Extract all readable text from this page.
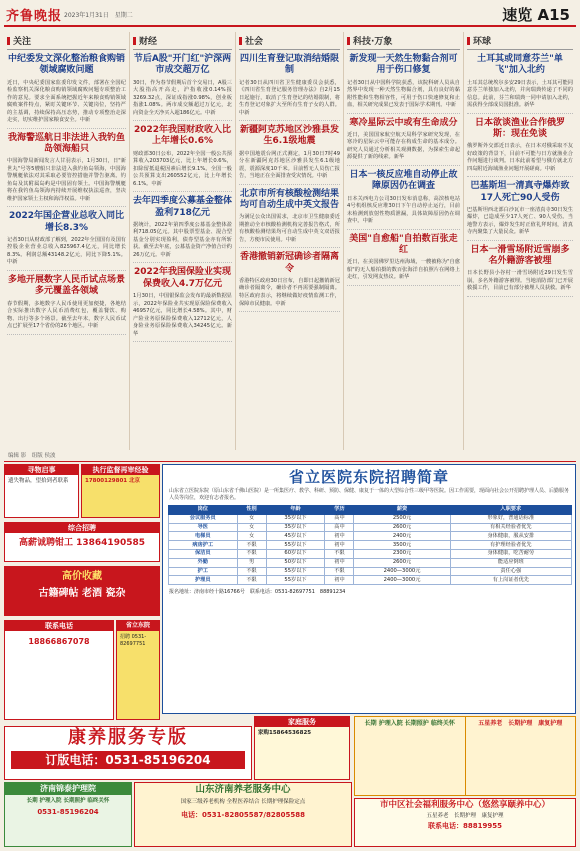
齐鲁晚报 2023年1月31日　星期二	速览 A15
关注
中纪委发文深化整治粮食购销领域腐败问题
近日，中央纪委国家监委印发文件，部署在全国纪检监察机关深化粮食购销领域腐败问题专项整治工作的意见。要求全面系统把握近年来粮食购销领域腐败案件特点，紧盯关键环节、关键岗位，坚持严的主基调，持续保持高压态势，推动专项整治走深走实，切实维护国家粮食安全。中新
我海警巡航日非法进入我钓鱼岛领海船只
中国海警局新闻发言人甘羽表示，1月30日，日"新世丸"号等5艘船只非法进入我钓鱼岛领海，中国海警舰艇依法对其采取必要管控措施并警告驱离。钓鱼岛及其附属岛屿是中国固有领土。中国海警舰艇将在我钓鱼岛领海内持续开展维权执法巡查，坚决维护国家领土主权和海洋权益。中新
2022年国企营业总收入同比增长8.3%
记者30日从财政部了解到，2022年全国国有及国有控股企业营业总收入825967.4亿元，同比增长8.3%。利润总额43148.2亿元，同比下降5.1%。中新
多地开展数字人民币试点场景多元覆盖各领域
春节假期，多地数字人民币使用更加便捷，各地结合实际推出数字人民币消费红包，覆盖餐饮、购物、出行等多个场景。截至去年末，数字人民币试点已扩展至17个省份的26个地区。中新
财经
节后A股"开门红"沪深两市成交超万亿
30日，作为春节假期后首个交易日，A股三大股指高开高走，沪指收涨0.14%报3269.32点，深证成指涨0.98%，创业板指涨1.08%。两市成交额超过万亿元，北向资金全天净买入超186亿元。中新
2022年我国财政收入比上年增长0.6%
财政部30日公布，2022年全国一般公共预算收入203703亿元，比上年增长0.6%，扣除留抵退税因素后增长9.1%。全国一般公共预算支出260552亿元，比上年增长6.1%。中新
去年四季度公募基金整体盈利718亿元
据统计，2022年第四季度公募基金整体盈利718.05亿元。其中股票型基金、混合型基金分别实现盈利，债券型基金亦有所斩获。截至去年底，公募基金资产净值合计约26万亿元。中新
2022年我国保险业实现保费收入4.7万亿元
1月30日，中国银保监会发布的最新数据显示，2022年保险业共实现原保险保费收入46957亿元，同比增长4.58%。其中，财产险业务原保险保费收入12712亿元，人身险业务原保险保费收入34245亿元。新华
社会
四川生育登记取消结婚限制
记者30日从四川省卫生健康委员会获悉，《四川省生育登记服务管理办法》自2月15日起施行，取消了生育登记的结婚限制，将生育登记对象扩大至所有生育子女的人群。中新
新疆阿克苏地区沙雅县发生6.1级地震
据中国地震台网正式测定，1月30日7时49分在新疆阿克苏地区沙雅县发生6.1级地震，震源深度10千米。目前暂无人员伤亡报告，当地正在全面排查受灾情况。中新
北京市所有核酸检测结果均可自动生成中英文报告
为满足公众出国需求，北京市卫生健康委近期推动全市核酸检测机构完善报告格式，所有核酸检测结果均可自动生成中英文双语报告，方便市民使用。中新
香港撤销新冠确诊者隔离令
香港特区政府30日宣布，自即日起撤销新冠确诊者隔离令，确诊者不再需要强制隔离。特区政府表示，将继续做好疫情监测工作，保障市民健康。中新
科技·万象
新发现一天然生物黏合剂可用于伤口修复
记者30日从中国科学院获悉，该院科研人员从自然界中发现一种天然生物黏合剂，具有良好的黏附性能和生物相容性，可用于伤口快速修复和止血，相关研究成果已发表于国际学术期刊。中新
寒冷星际云中或有生命成分
近日，美国国家航空航天局科学家研究发现，在寒冷的星际云中可能存在构成生命的基本成分。研究人员通过分析相关观测数据，为探索生命起源提供了新的线索。新华
日本一核反应堆自动停止故障原因仍在调查
日本关西电力公司30日发布消息称，高滨核电站4号机组核反应堆30日下午自动停止运行，目前未检测到放射性物质泄漏，具体故障原因仍在调查中。中新
美国"自愈船"自拍数百张走红
近日，在美国佛罗里达州海域，一艘被称为"自愈船"的无人船拍摄的数百张海洋自拍照片在网络上走红，引发网友热议。新华
环球
土耳其或同意芬兰"单飞"加入北约
土耳其总统埃尔多安29日表示，土耳其可能同意芬兰单独加入北约，并向瑞典传递了不同的信息。此前，芬兰和瑞典一同申请加入北约，需获得全部成员国批准。新华
日本欲谈渔业合作俄罗斯：现在免谈
俄罗斯外交部近日表示，在日本对俄采取不友好政策的背景下，目前不可能与日方就渔业合作问题进行谈判。日本此前希望与俄方就北方四岛附近海域渔业问题开展磋商。中新
巴基斯坦一清真寺爆炸致17人死亡90人受伤
巴基斯坦西北部白沙瓦市一座清真寺30日发生爆炸，已造成至少17人死亡、90人受伤。当地警方表示，爆炸发生时正值礼拜时间，清真寺内聚集了大量民众。新华
日本一滑雪场附近雪崩多名外籍游客被埋
日本长野县小谷村一滑雪场附近29日发生雪崩，多名外籍游客被埋。当地消防部门已开展救援工作，目前已有部分被埋人员获救。新华
编辑 影　组版 侯波
寻物启事
遗失物品，望拾到者联系
执行监督再审经验
17800129801 北京
综合招聘
高薪诚聘钳工 13864190585
高价收藏
古籍碑帖 老酒 瓷杂
联系电话
18866867078
省立东院
招聘 0531-82697751
省立医院东院招聘简章
山东省立医院东院（原山东省千佛山医院）是一所集医疗、教学、科研、预防、保健、康复于一体的大型综合性三级甲等医院。因工作需要，现面向社会公开招聘护理人员、后勤服务人员等岗位，欢迎有志者报名。
岗位	性别	年龄	学历	薪资	入职要求
会议服务员	女	35岁以下	高中	2500元	形象好，普通话标准
导医	女	35岁以下	高中	2600元	有相关经验者优先
电梯员	女	45岁以下	初中	2400元	身体健康，服从安排
病房护工	不限	55岁以下	初中	3500元	有护理经验者优先
保洁员	不限	60岁以下	不限	2300元	身体健康，吃苦耐劳
外勤	男	50岁以下	初中	2600元	能适应倒班
护工	不限	55岁以下	不限	2400—3000元	责任心强
护理员	不限	55岁以下	初中	2400—3000元	有上岗证者优先
报名地址：济南市经十路16766号　联系电话：0531-82697751　88891234
家庭服务
家购15864536825
康养服务专版
订版电话：0531-85196204
济南锦泰护理院
长期 护理入院 长期照护 临终关怀
0531-85196204
山东济南养老服务中心
国家三级养老机构 全程医养结合 长期护理保险定点
电话：0531-82805587/82805588
市中区社会福利服务中心（悠然享颐养中心）
五星养老　长期护理　康复护理
联系电话：88819955
长期 护理入院 长期照护 临终关怀	五星养老　长期护理　康复护理
